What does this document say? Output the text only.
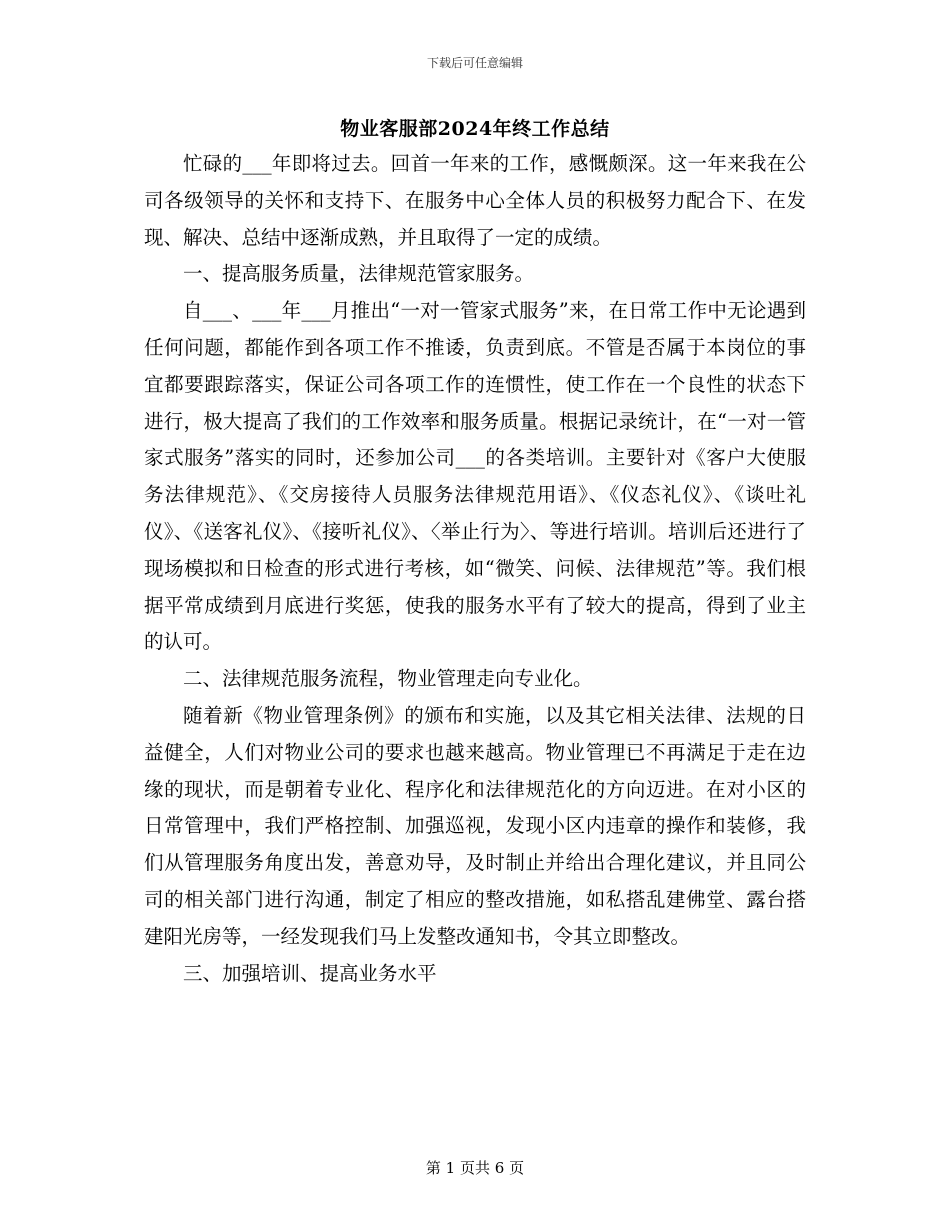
下载后可任意编辑
物业客服部2024年终工作总结

忙碌的___年即将过去。回首一年来的工作，感慨颇深。这一年来我在公司各级领导的关怀和支持下、在服务中心全体人员的积极努力配合下、在发现、解决、总结中逐渐成熟，并且取得了一定的成绩。

一、提高服务质量，法律规范管家服务。

自___、___年___月推出“一对一管家式服务”来，在日常工作中无论遇到任何问题，都能作到各项工作不推诿，负责到底。不管是否属于本岗位的事宜都要跟踪落实，保证公司各项工作的连惯性，使工作在一个良性的状态下进行，极大提高了我们的工作效率和服务质量。根据记录统计，在“一对一管家式服务”落实的同时，还参加公司___的各类培训。主要针对《客户大使服务法律规范》、《交房接待人员服务法律规范用语》、《仪态礼仪》、《谈吐礼仪》、《送客礼仪》、《接听礼仪》、〈举止行为〉、等进行培训。培训后还进行了现场模拟和日检查的形式进行考核，如“微笑、问候、法律规范”等。我们根据平常成绩到月底进行奖惩，使我的服务水平有了较大的提高，得到了业主的认可。

二、法律规范服务流程，物业管理走向专业化。

随着新《物业管理条例》的颁布和实施，以及其它相关法律、法规的日益健全，人们对物业公司的要求也越来越高。物业管理已不再满足于走在边缘的现状，而是朝着专业化、程序化和法律规范化的方向迈进。在对小区的日常管理中，我们严格控制、加强巡视，发现小区内违章的操作和装修，我们从管理服务角度出发，善意劝导，及时制止并给出合理化建议，并且同公司的相关部门进行沟通，制定了相应的整改措施，如私搭乱建佛堂、露台搭建阳光房等，一经发现我们马上发整改通知书，令其立即整改。

三、加强培训、提高业务水平

第 1 页共 6 页
